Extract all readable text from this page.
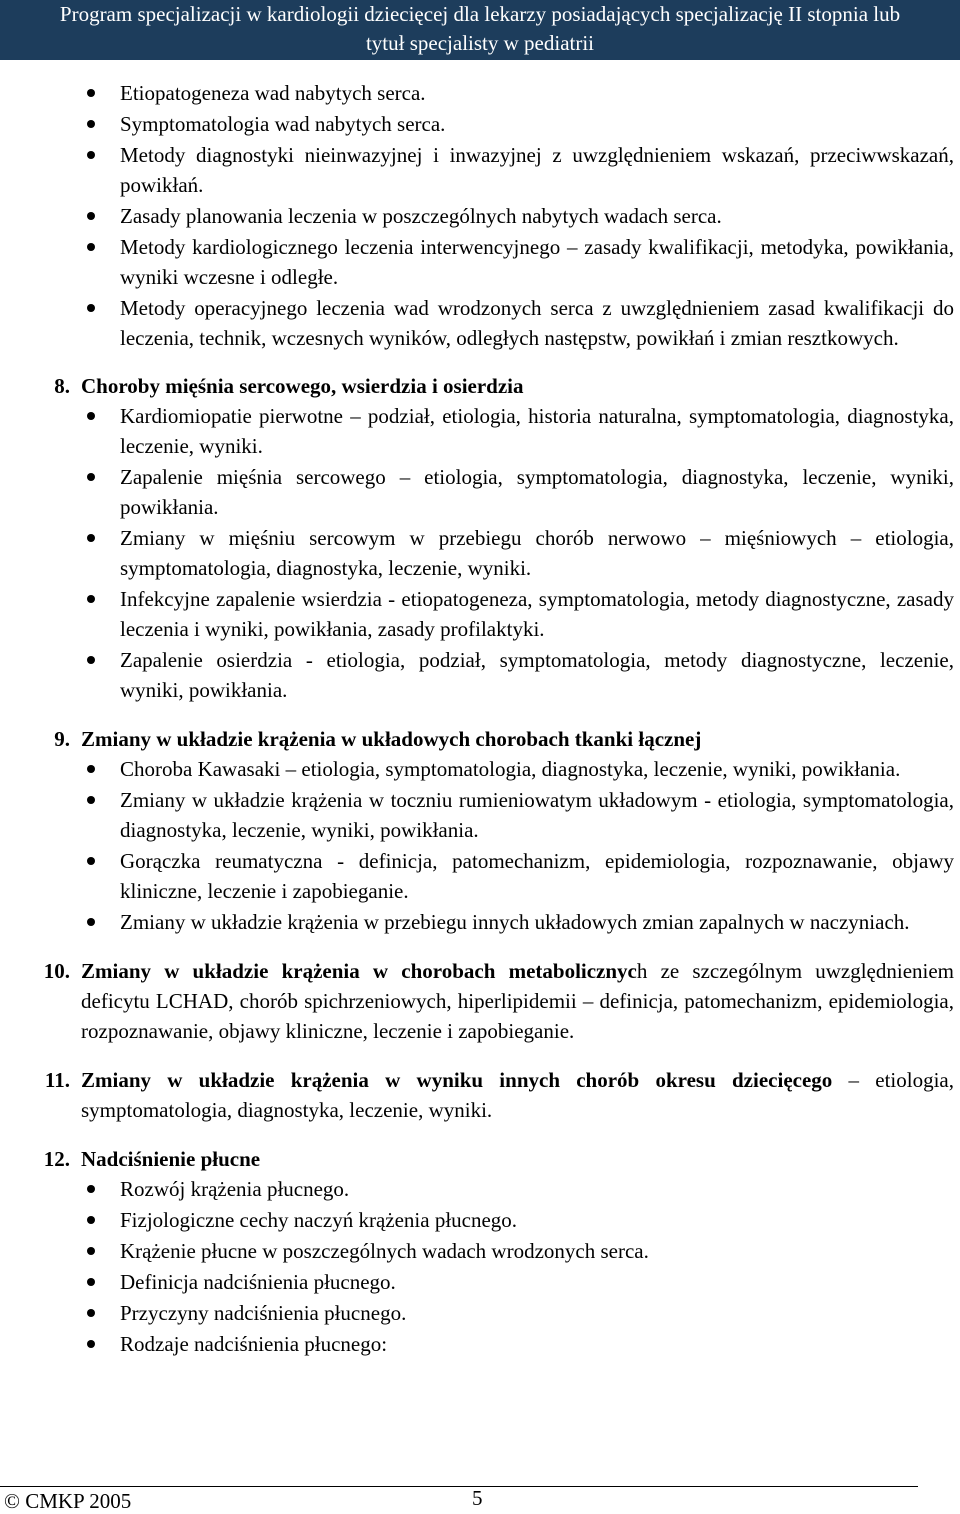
Program specjalizacji w kardiologii dziecięcej dla lekarzy posiadających specjalizację II stopnia lub
tytuł specjalisty w pediatrii
Etiopatogeneza wad nabytych serca.
Symptomatologia wad nabytych serca.
Metody diagnostyki nieinwazyjnej i inwazyjnej z uwzględnieniem wskazań, przeciwwskazań, powikłań.
Zasady planowania leczenia w poszczególnych nabytych wadach serca.
Metody kardiologicznego leczenia interwencyjnego – zasady kwalifikacji, metodyka, powikłania, wyniki wczesne i odległe.
Metody operacyjnego leczenia wad wrodzonych serca z uwzględnieniem zasad kwalifikacji do leczenia, technik, wczesnych wyników, odległych następstw, powikłań i zmian resztkowych.
8. Choroby mięśnia sercowego, wsierdzia i osierdzia
Kardiomiopatie pierwotne – podział, etiologia, historia naturalna, symptomatologia, diagnostyka, leczenie, wyniki.
Zapalenie mięśnia sercowego – etiologia, symptomatologia, diagnostyka, leczenie, wyniki, powikłania.
Zmiany w mięśniu sercowym w przebiegu chorób nerwowo – mięśniowych – etiologia, symptomatologia, diagnostyka, leczenie, wyniki.
Infekcyjne zapalenie wsierdzia - etiopatogeneza, symptomatologia, metody diagnostyczne, zasady leczenia i wyniki, powikłania, zasady profilaktyki.
Zapalenie osierdzia - etiologia, podział, symptomatologia, metody diagnostyczne, leczenie, wyniki, powikłania.
9. Zmiany w układzie krążenia w układowych chorobach tkanki łącznej
Choroba Kawasaki – etiologia, symptomatologia, diagnostyka, leczenie, wyniki, powikłania.
Zmiany w układzie krążenia w toczniu rumieniowatym układowym - etiologia, symptomatologia, diagnostyka, leczenie, wyniki, powikłania.
Gorączka reumatyczna - definicja, patomechanizm, epidemiologia, rozpoznawanie, objawy kliniczne, leczenie i zapobieganie.
Zmiany w układzie krążenia w przebiegu innych układowych zmian zapalnych w naczyniach.
10. Zmiany w układzie krążenia w chorobach metabolicznych ze szczególnym uwzględnieniem deficytu LCHAD, chorób spichrzeniowych, hiperlipidemii – definicja, patomechanizm, epidemiologia, rozpoznawanie, objawy kliniczne, leczenie i zapobieganie.
11. Zmiany w układzie krążenia w wyniku innych chorób okresu dziecięcego – etiologia, symptomatologia, diagnostyka, leczenie, wyniki.
12. Nadciśnienie płucne
Rozwój krążenia płucnego.
Fizjologiczne cechy naczyń krążenia płucnego.
Krążenie płucne w poszczególnych wadach wrodzonych serca.
Definicja nadciśnienia płucnego.
Przyczyny nadciśnienia płucnego.
Rodzaje nadciśnienia płucnego:
© CMKP 2005	5
